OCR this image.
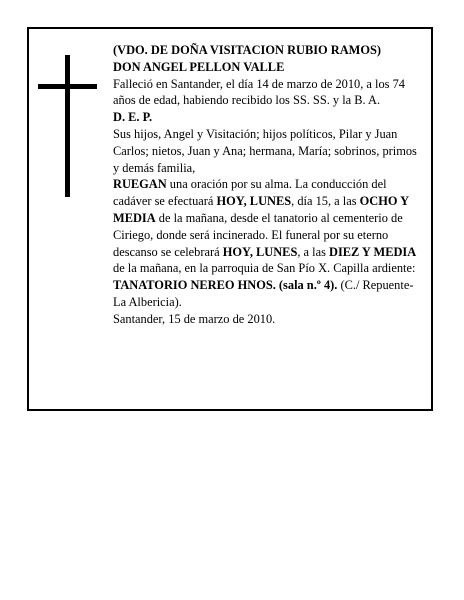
(VDO. DE DOÑA VISITACION RUBIO RAMOS)

DON ANGEL PELLON VALLE

Falleció en Santander, el día 14 de marzo de 2010, a los 74 años de edad, habiendo recibido los SS. SS. y la B. A.

D. E. P.

Sus hijos, Angel y Visitación; hijos políticos, Pilar y Juan Carlos; nietos, Juan y Ana; hermana, María; sobrinos, primos y demás familia,

RUEGAN una oración por su alma. La conducción del cadáver se efectuará HOY, LUNES, día 15, a las OCHO Y MEDIA de la mañana, desde el tanatorio al cementerio de Ciriego, donde será incinerado. El funeral por su eterno descanso se celebrará HOY, LUNES, a las DIEZ Y MEDIA de la mañana, en la parroquia de San Pío X. Capilla ardiente: TANATORIO NEREO HNOS. (sala n.º 4). (C./ Repuente-La Albericia).

Santander, 15 de marzo de 2010.
